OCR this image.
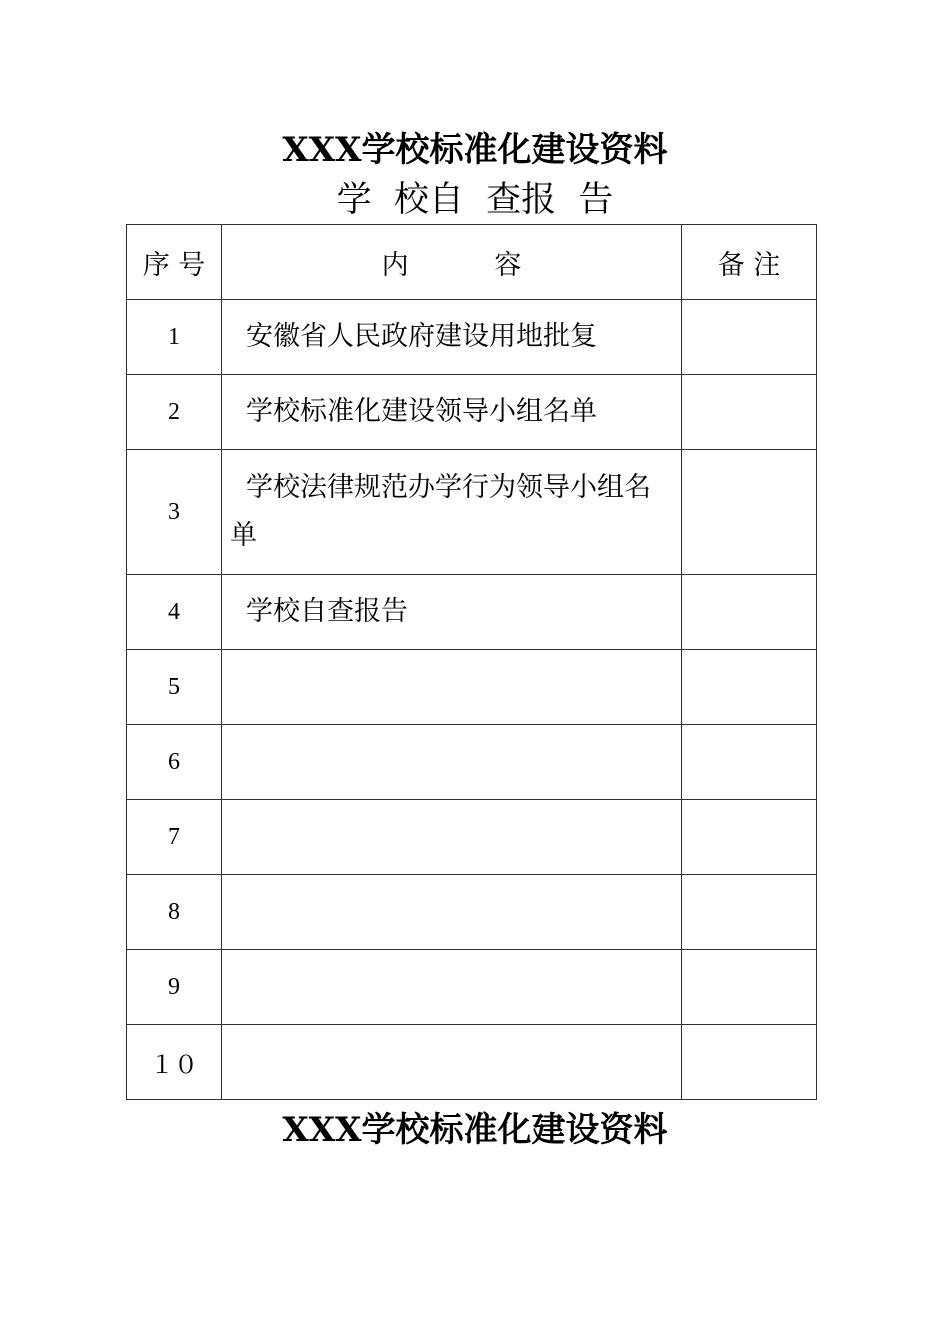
XXX学校标准化建设资料
学  校自  查报  告
序 号	内          容	备 注
1	安徽省人民政府建设用地批复	
2	学校标准化建设领导小组名单	
3	学校法律规范办学行为领导小组名单	
4	学校自查报告	
5		
6		
7		
8		
9		
１０		
XXX学校标准化建设资料
